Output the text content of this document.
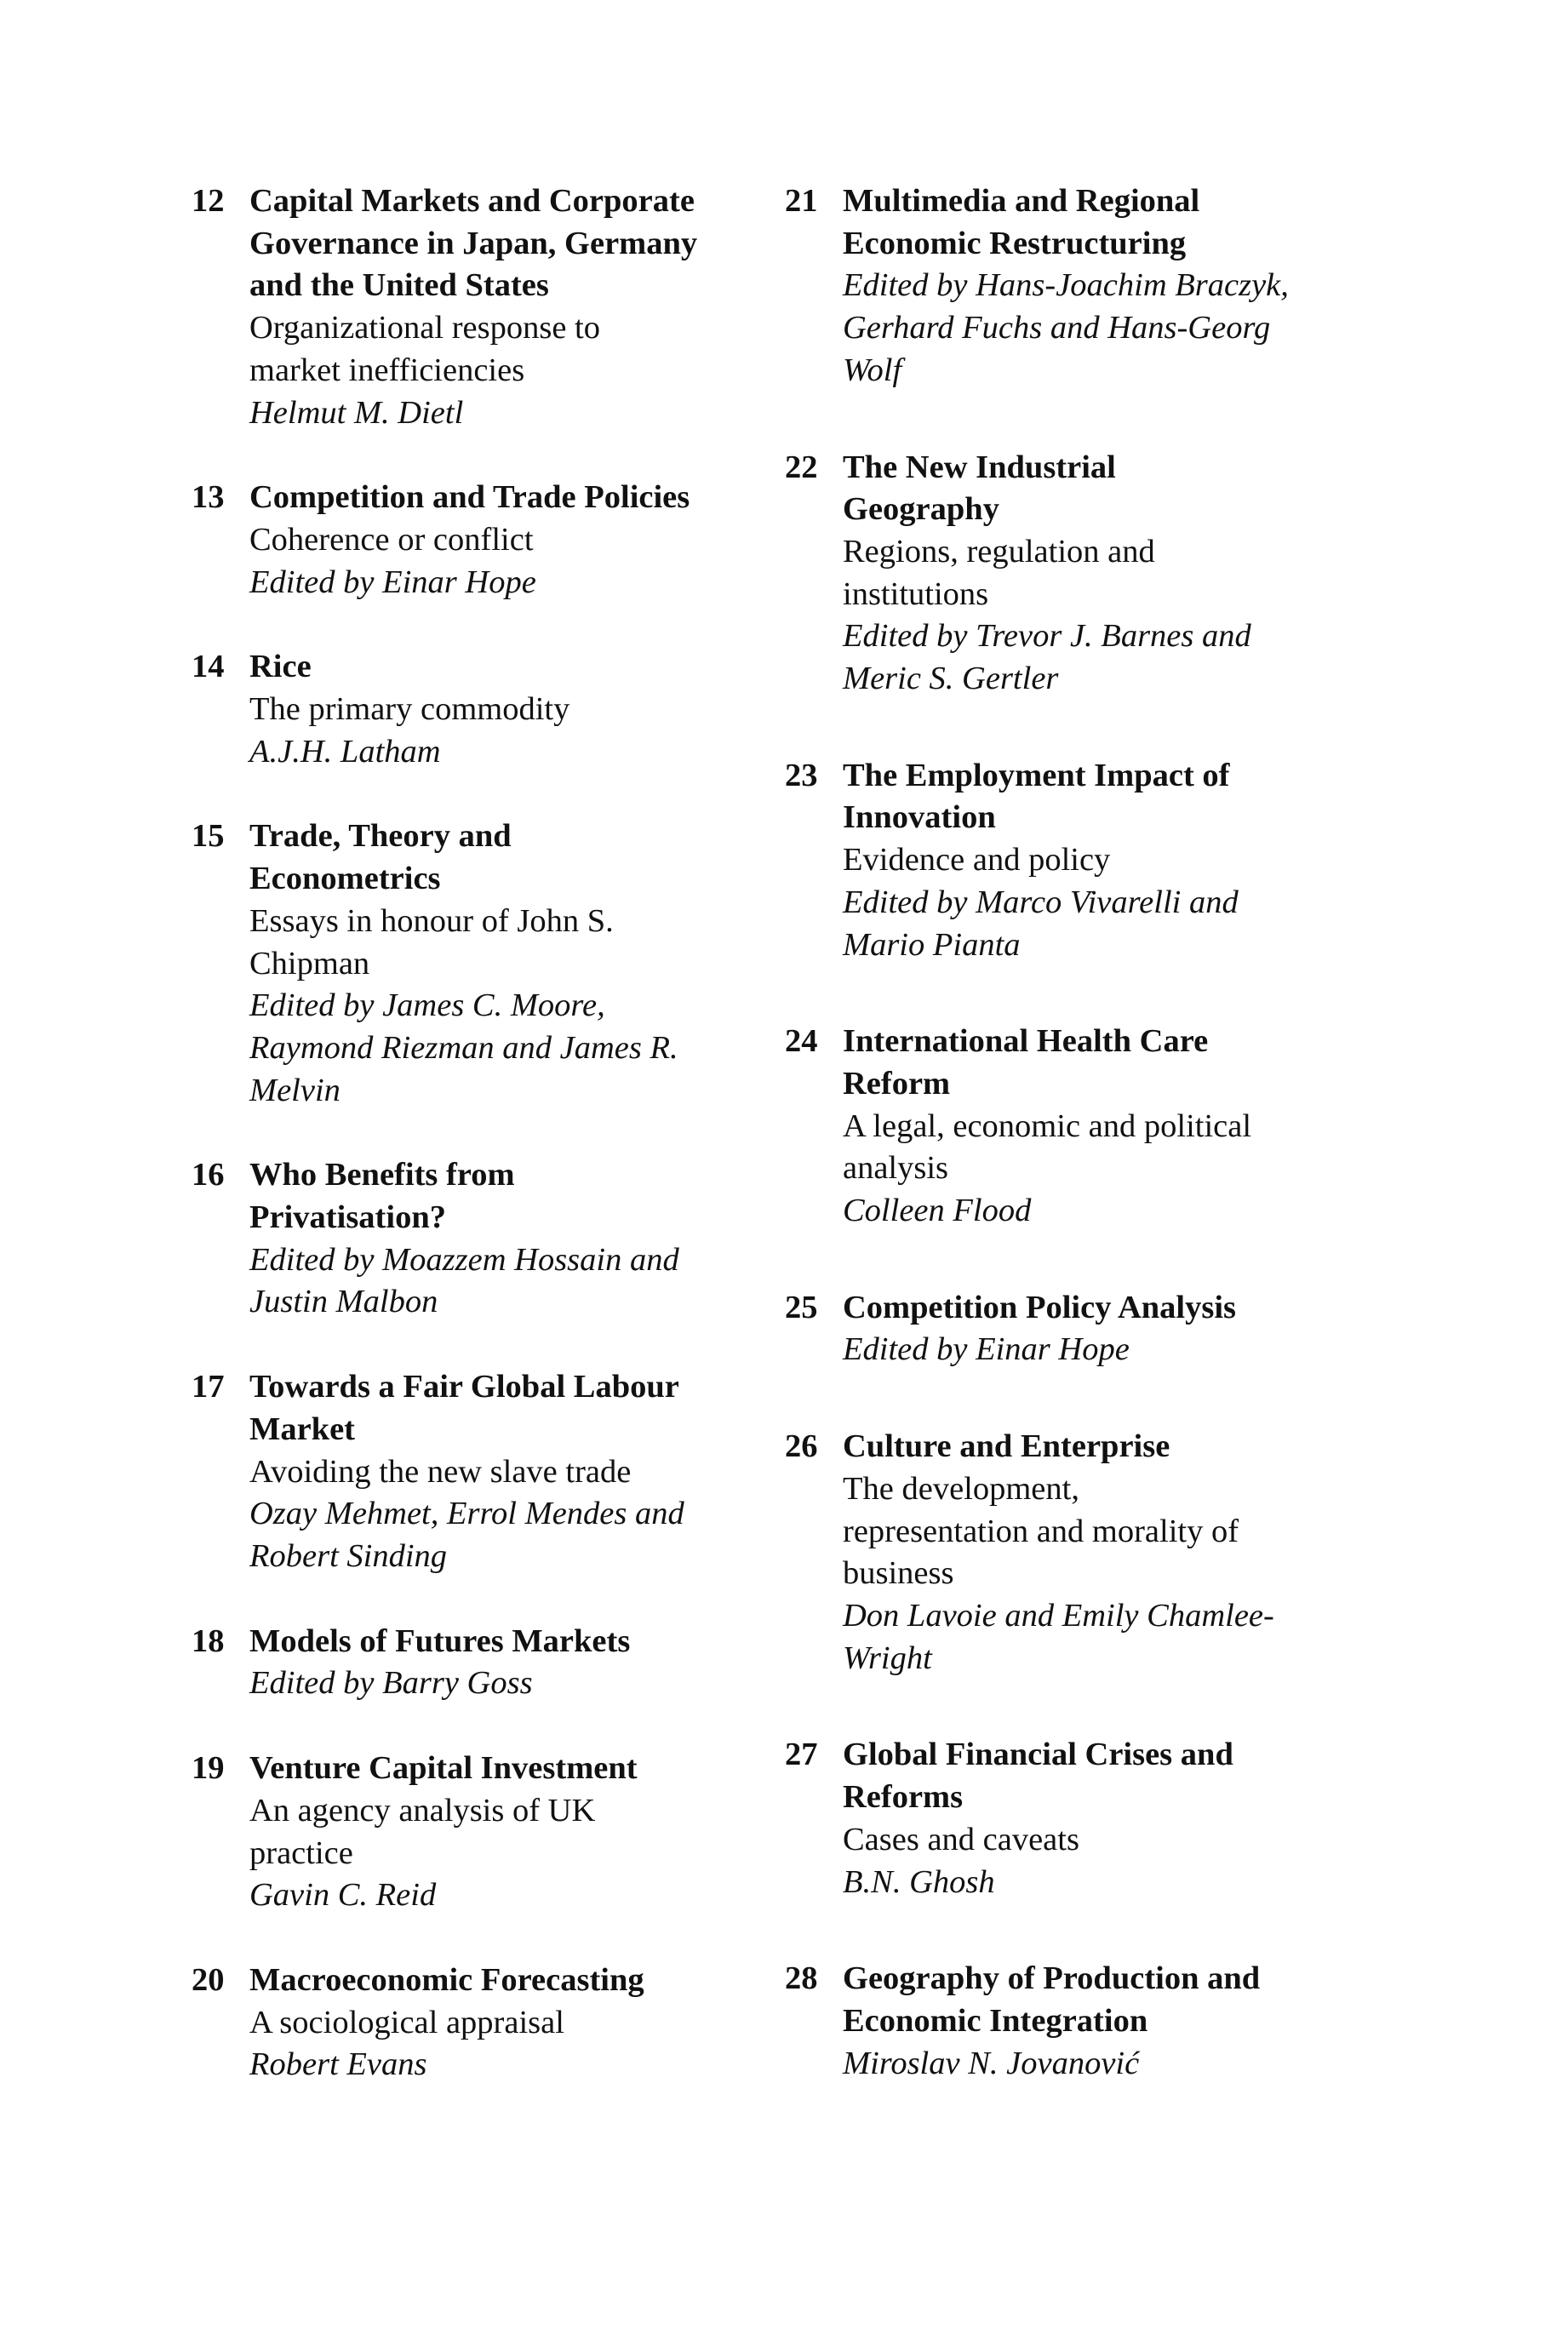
12 Capital Markets and Corporate
Governance in Japan, Germany
and the United States
Organizational response to
market inefficiencies
Helmut M. Dietl
13 Competition and Trade Policies
Coherence or conflict
Edited by Einar Hope
14 Rice
The primary commodity
A.J.H. Latham
15 Trade, Theory and
Econometrics
Essays in honour of John S.
Chipman
Edited by James C. Moore,
Raymond Riezman and James R.
Melvin
16 Who Benefits from
Privatisation?
Edited by Moazzem Hossain and
Justin Malbon
17 Towards a Fair Global Labour
Market
Avoiding the new slave trade
Ozay Mehmet, Errol Mendes and
Robert Sinding
18 Models of Futures Markets
Edited by Barry Goss
19 Venture Capital Investment
An agency analysis of UK
practice
Gavin C. Reid
20 Macroeconomic Forecasting
A sociological appraisal
Robert Evans
21 Multimedia and Regional
Economic Restructuring
Edited by Hans-Joachim Braczyk,
Gerhard Fuchs and Hans-Georg
Wolf
22 The New Industrial
Geography
Regions, regulation and
institutions
Edited by Trevor J. Barnes and
Meric S. Gertler
23 The Employment Impact of
Innovation
Evidence and policy
Edited by Marco Vivarelli and
Mario Pianta
24 International Health Care
Reform
A legal, economic and political
analysis
Colleen Flood
25 Competition Policy Analysis
Edited by Einar Hope
26 Culture and Enterprise
The development,
representation and morality of
business
Don Lavoie and Emily Chamlee-
Wright
27 Global Financial Crises and
Reforms
Cases and caveats
B.N. Ghosh
28 Geography of Production and
Economic Integration
Miroslav N. Jovanović
